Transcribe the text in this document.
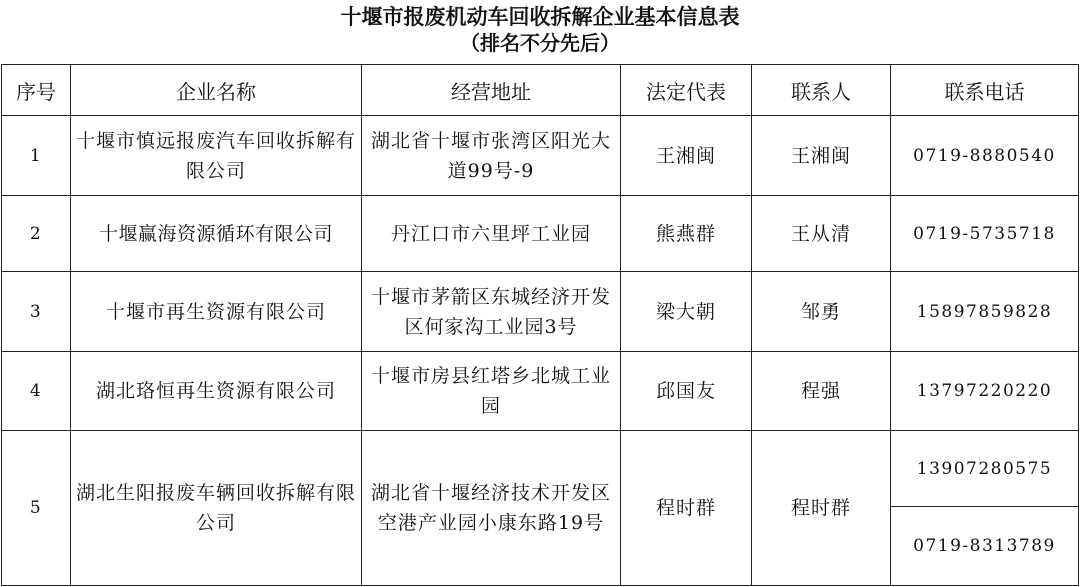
十堰市报废机动车回收拆解企业基本信息表
（排名不分先后）
序号	企业名称	经营地址	法定代表	联系人	联系电话
1	十堰市慎远报废汽车回收拆解有限公司	湖北省十堰市张湾区阳光大道99号-9	王湘闽	王湘闽	0719-8880540
2	十堰赢海资源循环有限公司	丹江口市六里坪工业园	熊燕群	王从清	0719-5735718
3	十堰市再生资源有限公司	十堰市茅箭区东城经济开发区何家沟工业园3号	梁大朝	邹勇	15897859828
4	湖北珞恒再生资源有限公司	十堰市房县红塔乡北城工业园	邱国友	程强	13797220220
5	湖北生阳报废车辆回收拆解有限公司	湖北省十堰经济技术开发区空港产业园小康东路19号	程时群	程时群	13907280575
					0719-8313789
